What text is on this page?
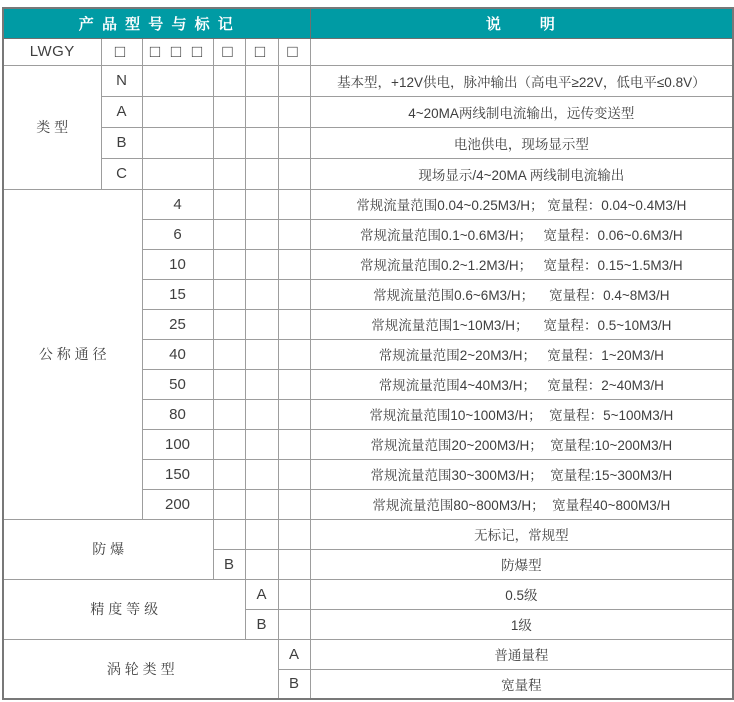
产 品 型 号 与 标 记						说      明
LWGY	□	□ □ □	□	□	□	
类 型	N					基本型，+12V供电，脉冲输出（高电平≥22V，低电平≤0.8V）
	A					4~20MA两线制电流输出，远传变送型
	B					电池供电，现场显示型
	C					现场显示/4~20MA 两线制电流输出
公 称 通 径		4				常规流量范围0.04~0.25M3/H； 宽量程：0.04~0.4M3/H
		6				常规流量范围0.1~0.6M3/H；   宽量程：0.06~0.6M3/H
		10				常规流量范围0.2~1.2M3/H；   宽量程：0.15~1.5M3/H
		15				常规流量范围0.6~6M3/H；    宽量程：0.4~8M3/H
		25				常规流量范围1~10M3/H；    宽量程：0.5~10M3/H
		40				常规流量范围2~20M3/H；   宽量程：1~20M3/H
		50				常规流量范围4~40M3/H；   宽量程：2~40M3/H
		80				常规流量范围10~100M3/H；  宽量程：5~100M3/H
		100				常规流量范围20~200M3/H；  宽量程:10~200M3/H
		150				常规流量范围30~300M3/H；  宽量程:15~300M3/H
		200				常规流量范围80~800M3/H；  宽量程40~800M3/H
防 爆						无标记，常规型
			B			防爆型
精 度 等 级				A		0.5级
				B		1级
涡 轮 类 型					A	普通量程
					B	宽量程
